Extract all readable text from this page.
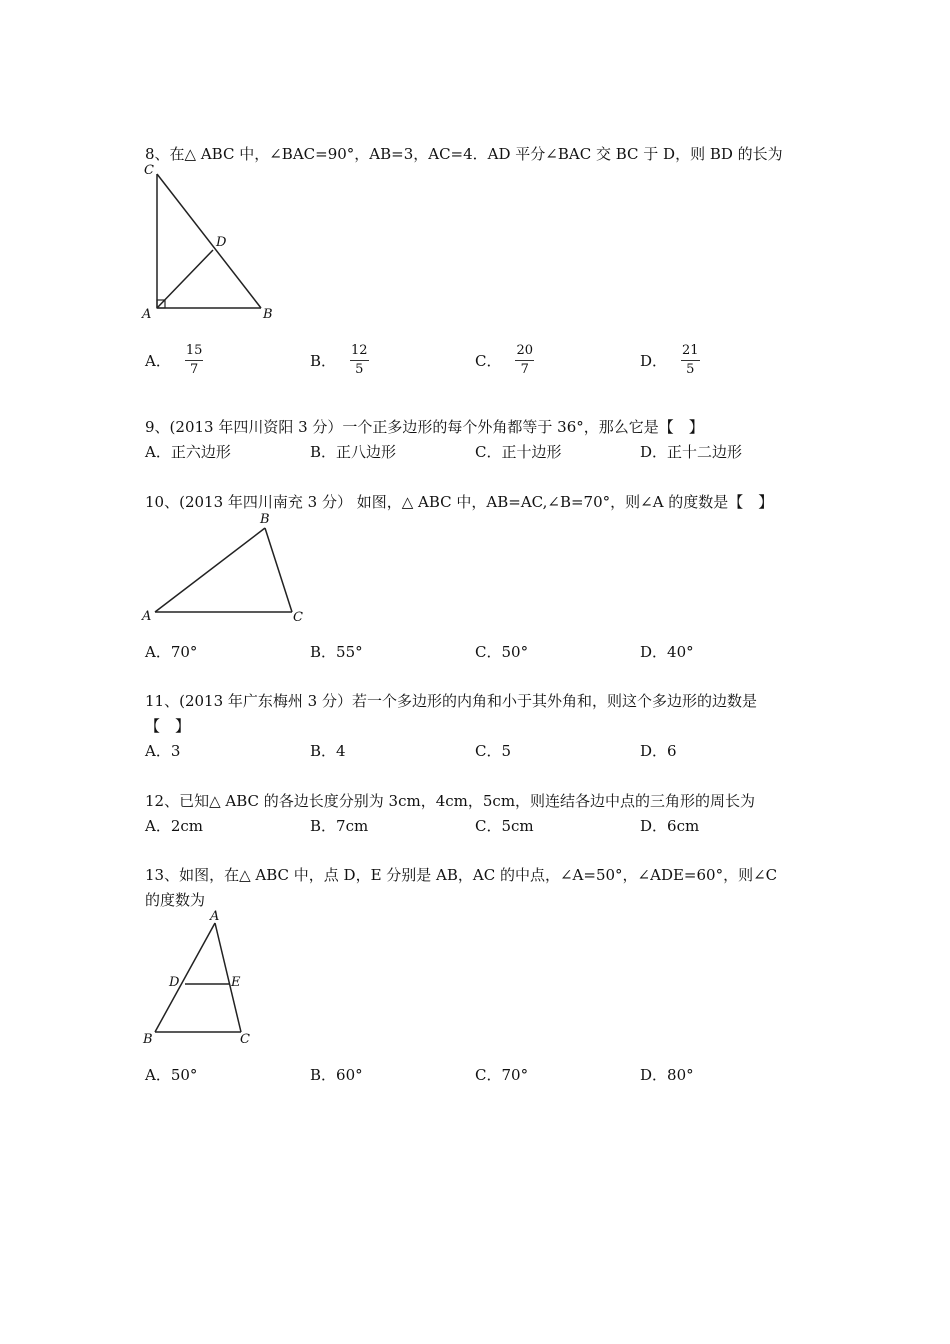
8、在△ ABC 中，∠BAC=90°，AB=3，AC=4．AD 平分∠BAC 交 BC 于 D，则 BD 的长为
C
D
A	B
A． $\frac{15}{7}$	B． $\frac{12}{5}$	C． $\frac{20}{7}$	D． $\frac{21}{5}$
9、(2013 年四川资阳 3 分）一个正多边形的每个外角都等于 36°，那么它是【　】
A．正六边形	B．正八边形	C．正十边形	D．正十二边形
10、(2013 年四川南充 3 分） 如图，△ ABC 中，AB=AC,∠B=70°，则∠A 的度数是【　】
B
A	C
A．70°	B．55°	C．50°	D．40°
11、(2013 年广东梅州 3 分）若一个多边形的内角和小于其外角和，则这个多边形的边数是
【　】
A．3	B．4	C．5	D．6
12、已知△ ABC 的各边长度分别为 3cm，4cm，5cm，则连结各边中点的三角形的周长为
A．2cm	B．7cm	C．5cm	D．6cm
13、如图，在△ ABC 中，点 D，E 分别是 AB，AC 的中点，∠A=50°，∠ADE=60°，则∠C
的度数为
A
D	E
B	C
A．50°	B．60°	C．70°	D．80°
